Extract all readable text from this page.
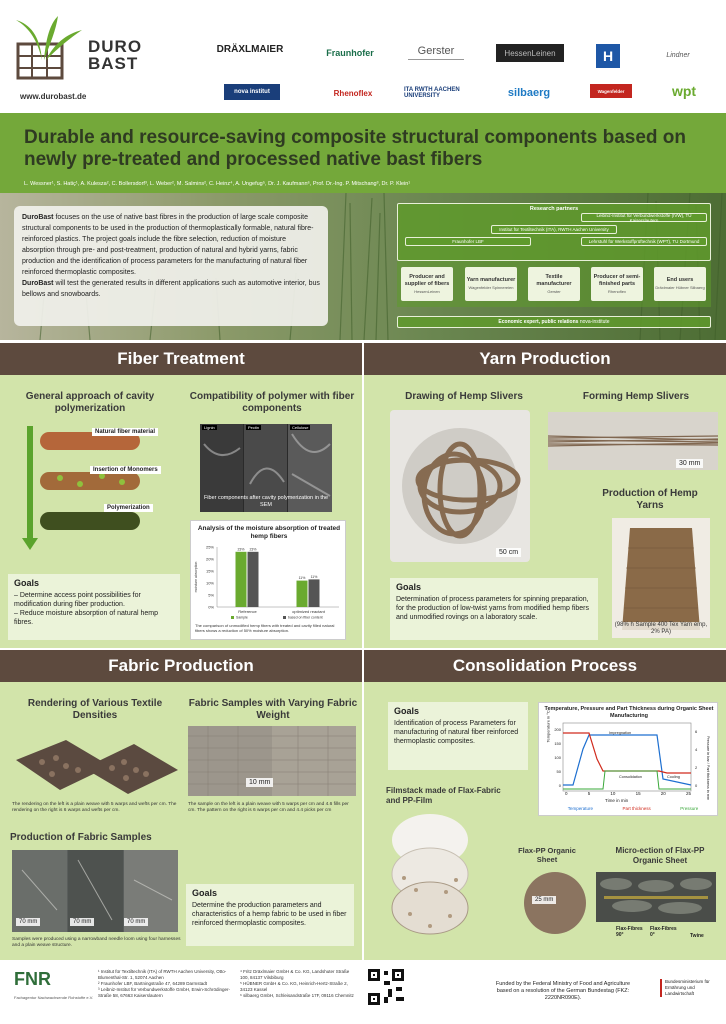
DURO
BAST
www.durobast.de
DRÄXLMAIER	Fraunhofer	Gerster	HessenLeinen	H	Lindner
nova institut	Rhenoflex	ITA RWTH AACHEN UNIVERSITY	silbaerg	Wagenfelder	wpt
Durable and resource-saving composite structural components based on newly pre-treated and processed native bast fibers
L. Wessner¹, S. Hatiç¹, A. Kulesza², C. Bollersdorf³, L. Weber², M. Salmins², C. Heinz⁴, A. Ungefug⁵, Dr. J. Kaufmann⁶, Prof. Dr.-Ing. P. Mitschang³, Dr. P. Klein¹

DuroBast focuses on the use of native bast fibres in the production of large scale composite structural components to be used in the production of thermoplastically formable, natural fibre-reinforced plastics. The project goals include the fibre selection, reduction of moisture absorption through pre- and post-treatment, production of natural and hybrid yarns, fabric production and the identification of process parameters for the manufacturing of natural fiber reinforced thermoplastic composites.

DuroBast will test the generated results in different applications such as automotive interior, bus bellows and snowboards.

Research partners
Leibniz-Institut für Verbundwerkstoffe (IVW), TU Kaiserslautern
Institut für Textiltechnik (ITA), RWTH Aachen University
Fraunhofer LBF	Lehrstuhl für Werkstoffprüftechnik (WPT), TU Dortmund
Producer and supplier of fibers
HessenLeinen
Yarn manufacturer
Wagenfelder Spinnereien
Textile manufacturer
Gerster
Producer of semi-finished parts
Rhenoflex
End users
Dräxlmaier Hübner Silbaerg
Economic expert, public relations
nova-institute
Fiber Treatment
General approach of cavity polymerization
Natural fiber material
Insertion of Monomers
Polymerization
Compatibility of polymer with fiber components
Lignin	Pectin	Cellulose
Fiber components after cavity polymerization in the SEM
Analysis of the moisture absorption of treated hemp fibers
25%
20%
15%
10%
5%
0%
moisture absorption
23% 23%
Reference
11% 11%
optimized reactant
Sample	based on fiber content
The comparison of unmodified hemp fibers with treated and cavity filled natural fibers shows a reduction of 50% moisture absorption.
Goals
– Determine access point possibilities for modification during fiber production.
– Reduce moisture absorption of natural hemp fibres.
Yarn Production
Drawing of Hemp Slivers
50 cm
Forming Hemp Slivers
30 mm
Production of Hemp Yarns
(98% h Sample 400 Tex Yarn emp, 2% PA)
Goals
Determination of process parameters for spinning preparation, for the production of low-twist yarns from modified hemp fibers and unmodified rovings on a laboratory scale.
Fabric Production
Rendering of Various Textile Densities
The rendering on the left is a plain weave with 5 warps and wefts per cm. The rendering on the right is 6 warps and wefts per cm.
Fabric Samples with Varying Fabric Weight
10 mm
The sample on the left is a plain weave with 5 warps per cm and 4.6 fills per cm. The pattern on the right is 6 warps per cm and 4.4 picks per cm
Production of Fabric Samples
70 mm	70 mm	70 mm
Samples were produced using a narrowband needle loom using four harnesses and a plain weave structure.
Goals
Determine the production parameters and characteristics of a hemp fabric to be used in fiber reinforced thermoplastic composites.
Consolidation Process
Goals
Identification of process Parameters for manufacturing of natural fiber reinforced thermoplastic composites.
Temperature, Pressure and Part Thickness during Organic Sheet Manufacturing
Temperature in °C 200
150
100
50
0
6
4
2
0	Pressure in bar / Part thickness in mm
0	5	10	15	20	25
Time in min
Impregnation
Consolidation	Cooling
Temperature	Part thickness	Pressure
Filmstack made of Flax-Fabric and PP-Film
Flax-PP Organic Sheet
25 mm
Micro-ection of Flax-PP Organic Sheet
Flax-Fibres 90°
Flax-Fibres 0°	Twine
FNR
Fachagentur Nachwachsende Rohstoffe e.V.
¹ Institut für Textiltechnik (ITA) of RWTH Aachen University, Otto-Blumenthal-Str. 1, 52074 Aachen
² Fraunhofer LBF, Bartningstraße 47, 64289 Darmstadt
³ Leibniz-Institut für Verbundwerkstoffe GmbH, Erwin-Schrödinger-Straße 58, 67663 Kaiserslautern
⁴ Fritz Dräxlmaier GmbH & Co. KG, Landshuter Straße 100, 84137 Vilsbiburg
⁵ HÜBNER GmbH & Co. KG, Heinrich-Hertz-Straße 2, 34123 Kassel
⁶ silbaerg GmbH, Schleisandstraße 17F, 09116 Chemnitz
Funded by the Federal Ministry of Food and Agriculture based on a resolution of the German Bundestag (FKZ: 2220NR090E).
Bundesministerium für Ernährung und Landwirtschaft
